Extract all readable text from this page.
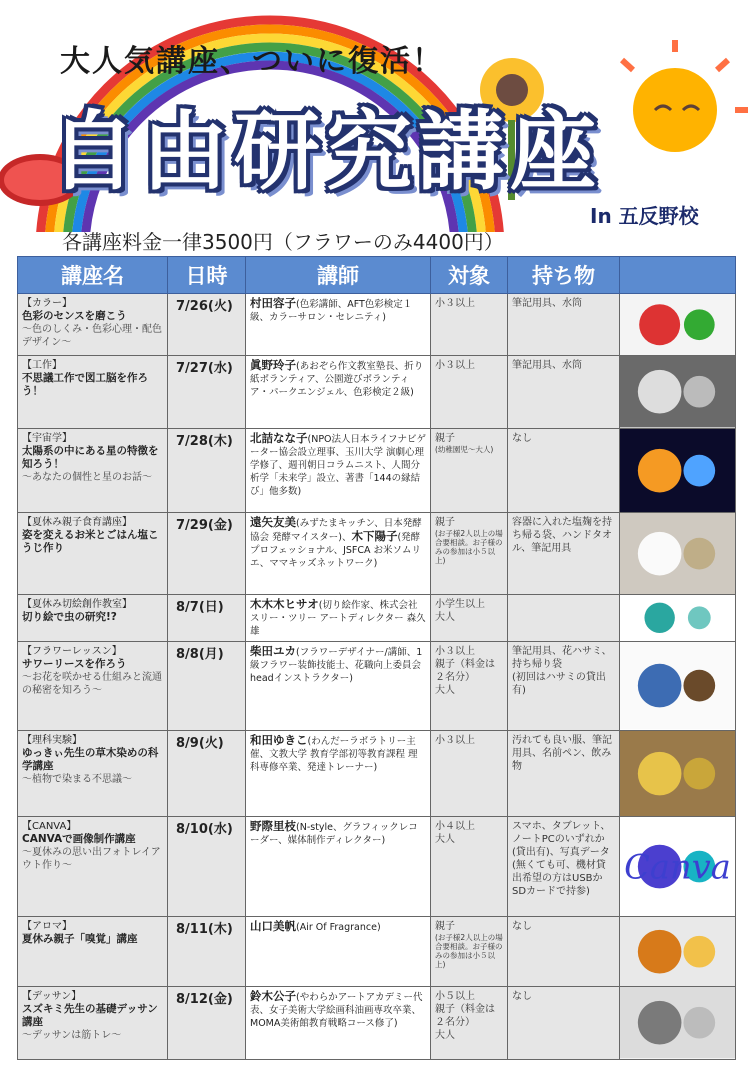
大人気講座、ついに復活！
自由研究講座
In 五反野校
各講座料金一律3500円（フラワーのみ4400円）
講座名	日時	講師	対象	持ち物	

【カラー】
色彩のセンスを磨こう
～色のしくみ・色彩心理・配色デザイン～	7/26(火)	村田容子(色彩講師、AFT色彩検定１級、カラーサロン・セレニティ)	小３以上	筆記用具、水筒	

【工作】
不思議工作で図工脳を作ろう！	7/27(水)	眞野玲子(あおぞら作文教室塾長、折り紙ボランティア、公園遊びボランティア・パークエンジェル、色彩検定２級)	小３以上	筆記用具、水筒	

【宇宙学】
太陽系の中にある星の特徴を知ろう！
～あなたの個性と星のお話～	7/28(木)	北詰なな子(NPO法人日本ライフナビゲーター協会設立理事、玉川大学 演劇心理学修了、週刊朝日コラムニスト、人間分析学「未来学」設立、著書「144の縁結び」他多数)	親子
(幼稚園児～大人)	なし	

【夏休み親子食育講座】
姿を変えるお米とごはん塩こうじ作り	7/29(金)	遠矢友美(みずたまキッチン、日本発酵協会 発酵マイスター)、木下陽子(発酵プロフェッショナル、JSFCA お米ソムリエ、ママキッズネットワーク)	親子
(お子様2人以上の場合要相談。お子様のみの参加は小５以上)	容器に入れた塩麹を持ち帰る袋、ハンドタオル、筆記用具	

【夏休み切絵創作教室】
切り絵で虫の研究!?	8/7(日)	木木木ヒサオ(切り絵作家、株式会社スリー・ツリー アートディレクター 森久雄	小学生以上
大人

【フラワーレッスン】
サワーリースを作ろう
～お花を咲かせる仕組みと流通の秘密を知ろう～	8/8(月)	柴田ユカ(フラワーデザイナー/講師、1級フラワー装飾技能士、花職向上委員会headインストラクター)	小３以上
親子（料金は２名分）
大人	筆記用具、花ハサミ、持ち帰り袋
(初回はハサミの貸出有)	

【理科実験】
ゆっきぃ先生の草木染めの科学講座
～植物で染まる不思議～	8/9(火)	和田ゆきこ(わんだーラボラトリー主催、文教大学 教育学部初等教育課程 理科専修卒業、発達トレーナー)	小３以上	汚れても良い服、筆記用具、名前ペン、飲み物	

【CANVA】
CANVAで画像制作講座
～夏休みの思い出フォトレイアウト作り～	8/10(水)	野際里枝(N-style、グラフィックレコーダー、媒体制作ディレクター)	小４以上
大人	スマホ、タブレット、ノートPCのいずれか(貸出有)、写真データ(無くても可、機材貸出希望の方はUSBかSDカードで持参)	Canva

【アロマ】
夏休み親子「嗅覚」講座	8/11(木)	山口美帆(Air Of Fragrance)	親子
(お子様2人以上の場合要相談。お子様のみの参加は小５以上)	なし	

【デッサン】
スズキミ先生の基礎デッサン講座
～デッサンは筋トレ～	8/12(金)	鈴木公子(やわらかアートアカデミー代表、女子美術大学絵画科油画専攻卒業、MOMA美術館教育戦略コース修了)	小５以上
親子（料金は２名分）
大人	なし	
